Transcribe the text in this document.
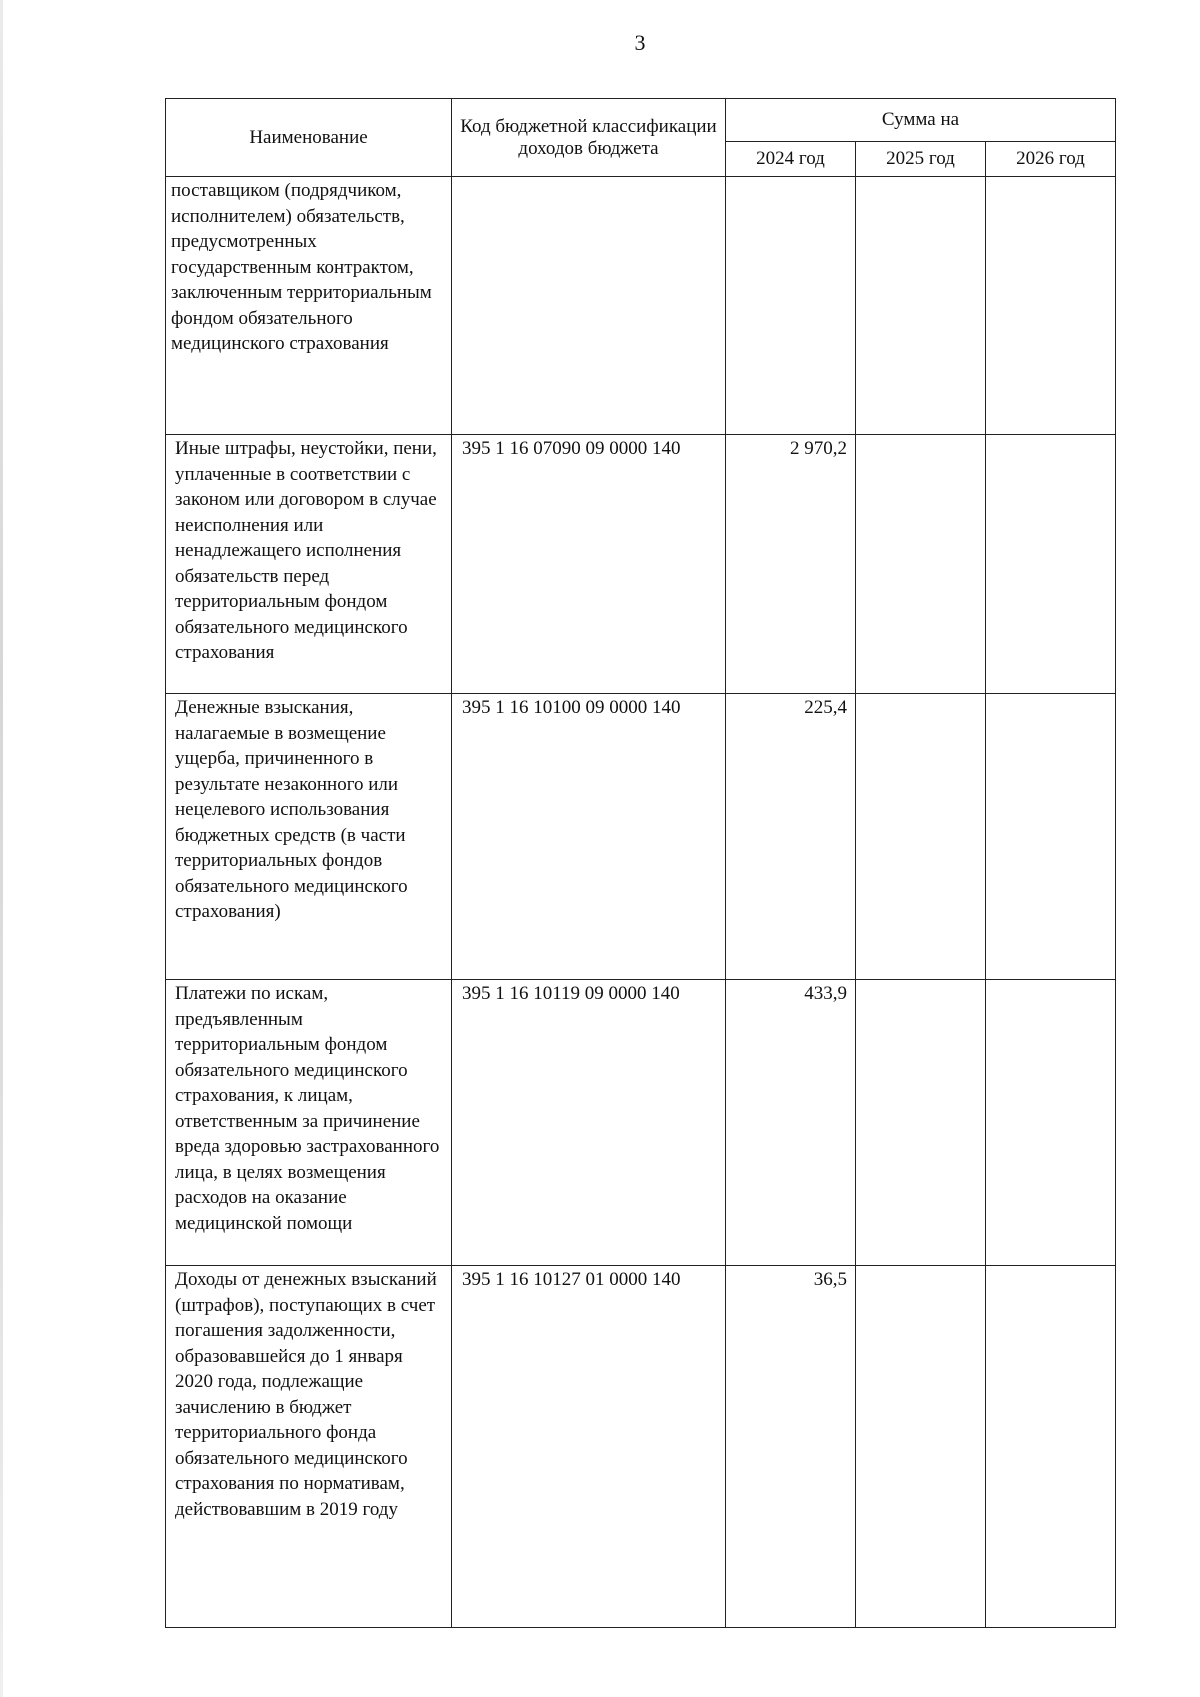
3
Наименование	Код бюджетной классификации доходов бюджета	Сумма на		
		2024 год	2025 год	2026 год
поставщиком (подрядчиком, исполнителем) обязательств, предусмотренных государственным контрактом, заключенным территориальным фондом обязательного медицинского страхования				
Иные штрафы, неустойки, пени, уплаченные в соответствии с законом или договором в случае неисполнения или ненадлежащего исполнения обязательств перед территориальным фондом обязательного медицинского страхования	395 1 16 07090 09 0000 140	2 970,2		
Денежные взыскания, налагаемые в возмещение ущерба, причиненного в результате незаконного или нецелевого использования бюджетных средств (в части территориальных фондов обязательного медицинского страхования)	395 1 16 10100 09 0000 140	225,4		
Платежи по искам, предъявленным территориальным фондом обязательного медицинского страхования, к лицам, ответственным за причинение вреда здоровью застрахованного лица, в целях возмещения расходов на оказание медицинской помощи	395 1 16 10119 09 0000 140	433,9		
Доходы от денежных взысканий (штрафов), поступающих в счет погашения задолженности, образовавшейся до 1 января 2020 года, подлежащие зачислению в бюджет территориального фонда обязательного медицинского страхования по нормативам, действовавшим в 2019 году	395 1 16 10127 01 0000 140	36,5		
